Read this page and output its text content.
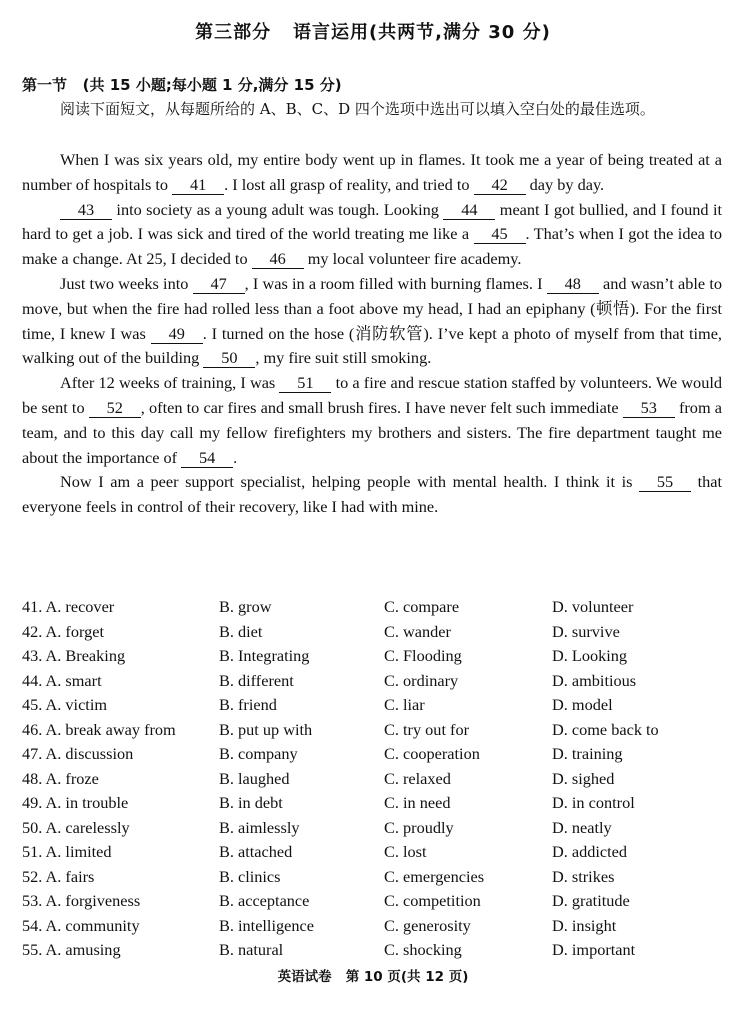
第三部分   语言运用(共两节,满分 30 分)
第一节   (共 15 小题;每小题 1 分,满分 15 分)
阅读下面短文，从每题所给的 A、B、C、D 四个选项中选出可以填入空白处的最佳选项。

When I was six years old, my entire body went up in flames. It took me a year of being treated at a number of hospitals to 41 . I lost all grasp of reality, and tried to 42 day by day.

43 into society as a young adult was tough. Looking 44 meant I got bullied, and I found it hard to get a job. I was sick and tired of the world treating me like a 45 . That’s when I got the idea to make a change. At 25, I decided to 46 my local volunteer fire academy.

Just two weeks into 47 , I was in a room filled with burning flames. I 48 and wasn’t able to move, but when the fire had rolled less than a foot above my head, I had an epiphany (顿悟). For the first time, I knew I was 49 . I turned on the hose (消防软管). I’ve kept a photo of myself from that time, walking out of the building 50 , my fire suit still smoking.

After 12 weeks of training, I was 51 to a fire and rescue station staffed by volunteers. We would be sent to 52 , often to car fires and small brush fires. I have never felt such immediate 53 from a team, and to this day call my fellow firefighters my brothers and sisters. The fire department taught me about the importance of 54 .

Now I am a peer support specialist, helping people with mental health. I think it is 55 that everyone feels in control of their recovery, like I had with mine.

41. A. recover	B. grow	C. compare	D. volunteer
42. A. forget	B. diet	C. wander	D. survive
43. A. Breaking	B. Integrating	C. Flooding	D. Looking
44. A. smart	B. different	C. ordinary	D. ambitious
45. A. victim	B. friend	C. liar	D. model
46. A. break away from	B. put up with	C. try out for	D. come back to
47. A. discussion	B. company	C. cooperation	D. training
48. A. froze	B. laughed	C. relaxed	D. sighed
49. A. in trouble	B. in debt	C. in need	D. in control
50. A. carelessly	B. aimlessly	C. proudly	D. neatly
51. A. limited	B. attached	C. lost	D. addicted
52. A. fairs	B. clinics	C. emergencies	D. strikes
53. A. forgiveness	B. acceptance	C. competition	D. gratitude
54. A. community	B. intelligence	C. generosity	D. insight
55. A. amusing	B. natural	C. shocking	D. important
英语试卷   第 10 页(共 12 页)
